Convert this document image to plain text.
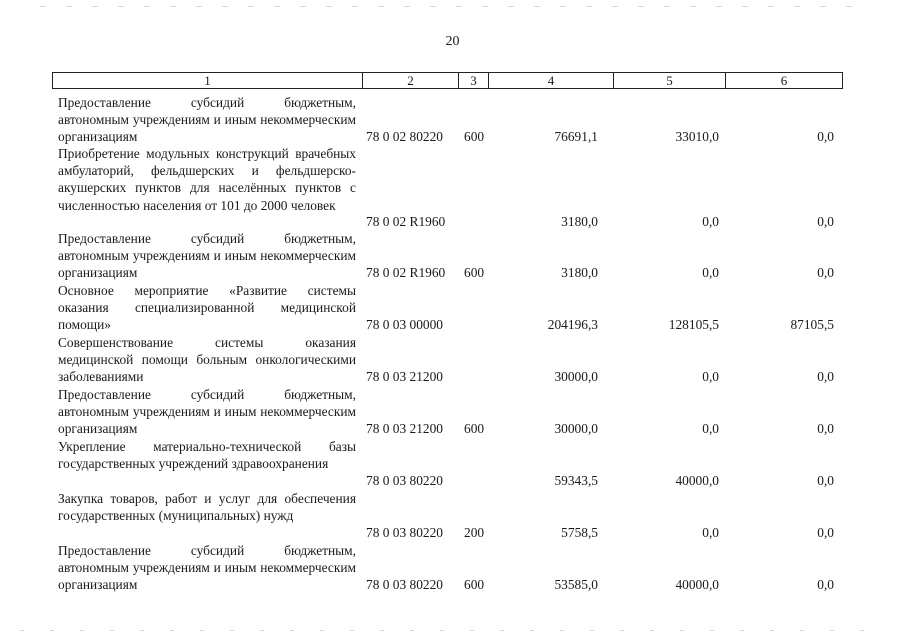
20
1	2	3	4	5	6
Предоставление субсидий бюджетным, автономным учреждениям и иным некоммерческим организациям	78 0 02 80220 600	76691,1	33010,0	0,0
Приобретение модульных конструкций врачебных амбулаторий, фельдшерских и фельдшерско-акушерских пунктов для населённых пунктов с численностью населения от 101 до 2000 человек
78 0 02 R1960	3180,0	0,0	0,0
Предоставление субсидий бюджетным, автономным учреждениям и иным некоммерческим организациям	78 0 02 R1960 600	3180,0	0,0	0,0
Основное мероприятие «Развитие системы оказания специализированной медицинской помощи»	78 0 03 00000	204196,3	128105,5	87105,5
Совершенствование системы оказания медицинской помощи больным онкологическими заболеваниями	78 0 03 21200	30000,0	0,0	0,0
Предоставление субсидий бюджетным, автономным учреждениям и иным некоммерческим организациям	78 0 03 21200 600	30000,0	0,0	0,0
Укрепление материально-технической базы государственных учреждений здравоохранения
78 0 03 80220	59343,5	40000,0	0,0
Закупка товаров, работ и услуг для обеспечения государственных (муниципальных) нужд
78 0 03 80220 200	5758,5	0,0	0,0
Предоставление субсидий бюджетным, автономным учреждениям и иным некоммерческим организациям	78 0 03 80220 600	53585,0	40000,0	0,0
